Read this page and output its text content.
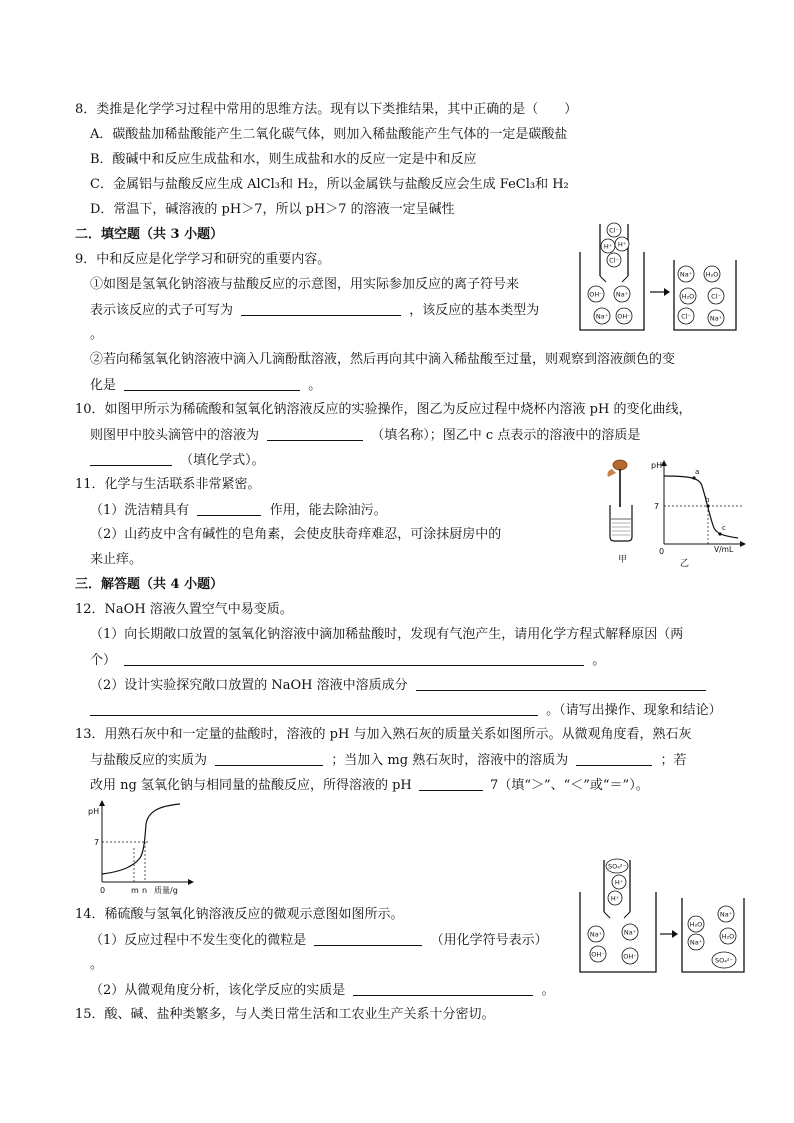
8．类推是化学学习过程中常用的思维方法。现有以下类推结果，其中正确的是（　　）
A．碳酸盐加稀盐酸能产生二氧化碳气体，则加入稀盐酸能产生气体的一定是碳酸盐
B．酸碱中和反应生成盐和水，则生成盐和水的反应一定是中和反应
C．金属铝与盐酸反应生成 AlCl₃和 H₂，所以金属铁与盐酸反应会生成 FeCl₃和 H₂
D．常温下，碱溶液的 pH＞7，所以 pH＞7 的溶液一定呈碱性
二．填空题（共 3 小题）
9．中和反应是化学学习和研究的重要内容。
①如图是氢氧化钠溶液与盐酸反应的示意图，用实际参加反应的离子符号来
表示该反应的式子可写为	，该反应的基本类型为
。
②若向稀氢氧化钠溶液中滴入几滴酚酞溶液，然后再向其中滴入稀盐酸至过量，则观察到溶液颜色的变
化是	。
10．如图甲所示为稀硫酸和氢氧化钠溶液反应的实验操作，图乙为反应过程中烧杯内溶液 pH 的变化曲线，
则图甲中胶头滴管中的溶液为	（填名称）；图乙中 c 点表示的溶液中的溶质是
（填化学式）。
11．化学与生活联系非常紧密。
（1）洗洁精具有	作用，能去除油污。
（2）山药皮中含有碱性的皂角素，会使皮肤奇痒难忍，可涂抹厨房中的
来止痒。
三．解答题（共 4 小题）
12．NaOH 溶液久置空气中易变质。
（1）向长期敞口放置的氢氧化钠溶液中滴加稀盐酸时，发现有气泡产生，请用化学方程式解释原因（两
个）	。
（2）设计实验探究敞口放置的 NaOH 溶液中溶质成分
。（请写出操作、现象和结论）
13．用熟石灰中和一定量的盐酸时，溶液的 pH 与加入熟石灰的质量关系如图所示。从微观角度看，熟石灰
与盐酸反应的实质为	；当加入 mg 熟石灰时，溶液中的溶质为	；若
改用 ng 氢氧化钠与相同量的盐酸反应，所得溶液的 pH	7（填“＞”、“＜”或“＝”）。
14．稀硫酸与氢氧化钠溶液反应的微观示意图如图所示。
（1）反应过程中不发生变化的微粒是	（用化学符号表示）
。
（2）从微观角度分析，该化学反应的实质是	。
15．酸、碱、盐种类繁多，与人类日常生活和工农业生产关系十分密切。
Cl⁻
H⁺ H⁺
Cl⁻
OH⁻ Na⁺
Na⁺ OH⁻
Na⁺ H₂O
H₂O	Cl⁻
Cl⁻	Na⁺
甲
pH
7
0	V/mL
a
b
c
乙
pH
7
0	m n 质量/g
SO₄²⁻
H⁺
H⁺
Na⁺	Na⁺
OH⁻	OH⁻
H₂O
Na⁺
Na⁺
H₂O
SO₄²⁻
